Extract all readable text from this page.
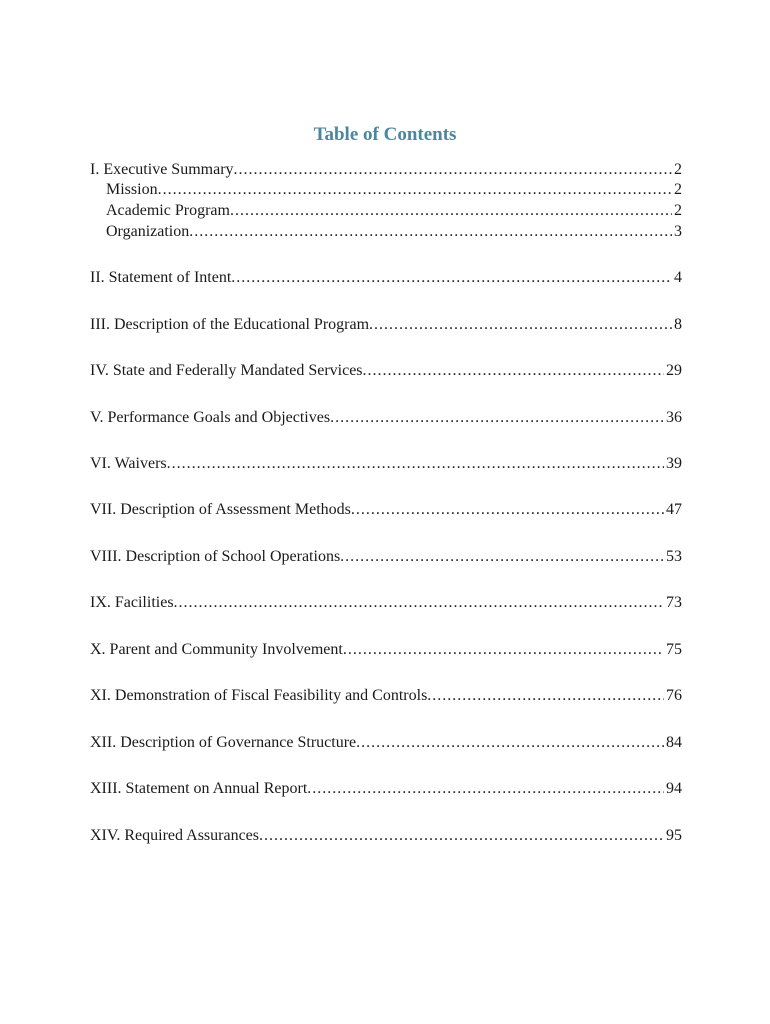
Table of Contents
I. Executive Summary .....	2
Mission .....	2
Academic Program .....	2
Organization .....	3
II. Statement of Intent .....	4
III. Description of the Educational Program .....	8
IV. State and Federally Mandated Services .....	29
V. Performance Goals and Objectives .....	36
VI. Waivers .....	39
VII. Description of Assessment Methods .....	47
VIII. Description of School Operations .....	53
IX. Facilities .....	73
X. Parent and Community Involvement .....	75
XI. Demonstration of Fiscal Feasibility and Controls .....	76
XII. Description of Governance Structure .....	84
XIII. Statement on Annual Report .....	94
XIV. Required Assurances .....	95
